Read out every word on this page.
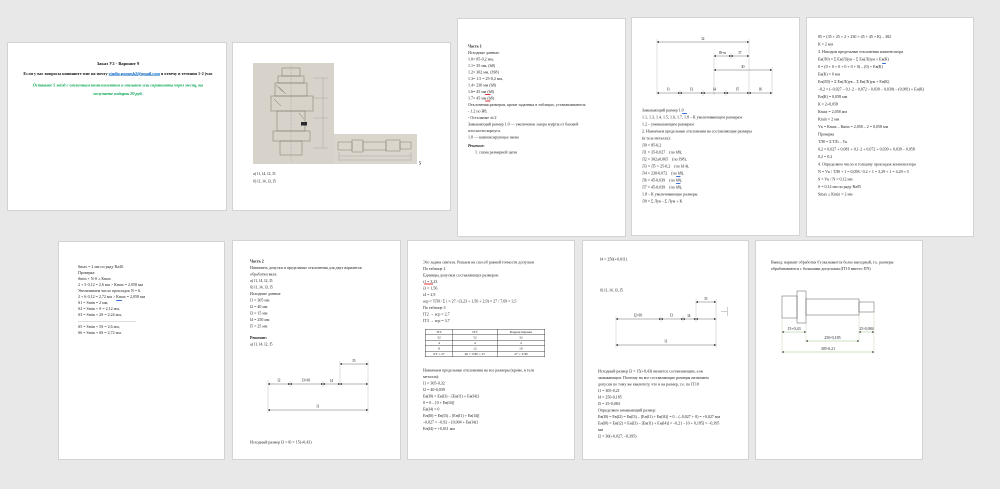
Заказ У2 - Вариант 9
Если у вас вопросы напишите мне на почту studio.pomosh2@gmail.com я отвечу в течении 1-2 (час
Оставьте 5 звёзд с отличным комплиментом и отзывом или скриншоты через месяц, вы
получаете подарок 20 руб.
5
а) l1, l4, l2, l5
б) l1, l4, l3, l5
Часть 1
Исходные данные:
1.0= 85-0,2 мм,
1.1= 35 мм, (h8)
1.2= 302 мм, (JS8)
1.3= 1.5 = 25-0,2 мм,
1.4= 230 мм (h8)
1.6= 45 мм (h8)
1.7= 45 мм (h8)
Отклонения размеров, кроме заданных в таблицах, устанавливаются:
- 1.2 по Н8,
- Остальные ±t/2
Замыкающий размер 1.0 — увеличение зазора муфты от базовой
плоскости корпуса.
1.8 — компенсирующее звено
Решение:
1. схема размерной цепи
l2
l8+к l7
l0
l1 l3 l4 l5 l6
Замыкающий размер 1.0
1.1, 1.3, 1.4, 1.5, 1.6, 1.7, 1.8 – К увеличивающим размерам
1.2 – уменьшающим размерам
2. Назначаем предельные отклонения на составляющие размеры
(в теле металла):
Л0 = 85-0,2
Л1 = 35-0,027    (по h8),
Л2 = 302±0,065    (по JS8),
Л3 = Л5 = 25-0,2    (по h14),
Л4 = 230-0,072    (по h8),
Л6 = 45-0,039    (по h8),
Л7 = 45-0,039    (по h8),
1.8 – К увеличивающие размеры
Л0 = Σ Лув – Σ Лум + К
85 = (35 + 25 + 2 + 230 + 45 + 45 + К) – 382
К = 2 мм
3. Находим предельные отклонения компенсатора
Ев(Л0) = Σ Ев(Лi)ув – Σ Ен(Лi)ум + Ев(К)
0 = (0 + 0 + 0 + 0 + 0 + 0) – (0) + Ев(К)
Ев(К) = 0 мм
Ен(Л0) = Σ Ен(Лi)ув – Σ Ев(Лi)ум + Ен(К)
–0,2 = (–0,027 – 0,1·2 – 0,072 – 0,039 – 0,039) – (0,081) + Ен(К)
Ен(К) = 0,058 мм
К = 2+0,058
Кmax = 2,058 мм
Кmin = 2 мм
Vк = Кmax – Кmin = 2,058 – 2 = 0,058 мм
Проверка
ТЛ0 = Σ ТЛi – Vк
0,2 = 0,027 + 0,081 + 0,1·2 + 0,072 + 0,039 + 0,039 – 0,058
0,2 = 0,2
4. Определяем число и толщину прокладок компенсатора
N = Vк / ТЛ0 + 1 = 0,058 / 0,2 + 1 = 3,29 + 1 = 4,29 ≈ 5
S = Vк / N = 0,12 мм
S = 0,12 мм по ряду Ra05
Smax ≤ Кmin = 2 мм
Smax = 2 мм по ряду Ra40.
Проверка:
Smin + N·S ≥ Кmax
2 + 5·0,12 = 2,6 мм > Кmax = 2,058 мм
Увеличиваем число прокладок N = 6.
2 + 6·0,12 = 2,72 мм > Кmax = 2,058 мм
S1 = Smin = 2 мм,
S2 = Smin + S = 2,12 мм,
S3 = Smin + 2S = 2,24 мм,
..........................................................
S5 = Smin + 5S = 2,6 мм,
S6 = Smin + 6S = 2,72 мм.
Часть 2
Назначить допуски и предельные отклонения для двух вариантов
обработки вала:
а) l1, l4, l2, l5
б) l1, l4, l3, l5
Исходные данные
l1 = 305 мм
l2 = 40 мм
l3 = 15 мм
l4 = 250 мм
l5 = 25 мм
Решение:
а) l1, l4, l2, l5
l5
l2	l3=l0 l4
l1
Исходный размер l3 = l0 = 15(+0,43)
Это задача синтеза. Решаем на способ равной точности допусков
По таблице 2
Единицы допусков составляющих размеров:
i1 = 3,23
i3 = 1,56
i4 = 2,9
аср = ТЛ0 / Σ i = 27 / (3,23 + 1,56 + 2,9) = 27 / 7,69 = 3,5
По таблице 3
IT2 → аср = 2,7
IT3 → аср = 3,7
ІТ2	ІТ3	Корректировка
32	52	32
4	4	4
8	12	10
ΣТ = 27	40 > ТЛ0 = 27	27 = ТЛ0
Назначаем предельные отклонения на все размеры (кроме, в теле
металла):
l1 = 305-0,32
l2 = 40-0,039
Ев(l0) = Ев(l3) – [Ев(l1) + Ев(l4)]
0 = 0 – [0 + Ев(l4)]
Ев(l4) = 0
Ен(l0) = Ен(l3) – [Ен(l1) + Ев(l4)]
–0,027 = –0,92 – [0,004 + Ен(l4)]
Ен(l4) = +0,011 мм
l4 = 250(+0,011)
б) l1, l4, l3, l5
l5
l2=l0	l3 l4
l1
Исходный размер l3 = 15(+0,43) является составляющим, а не
замыкающим. Поэтому на все составляющие размеры назначаем
допуски по тому же квалитету, что и на размер, т.е. по IT10
l1 = 305-0,21
l4 = 250-0,185
l5 = 25-0,084
Определяем замыкающий размер:
Ев(l0) = Ев(l2) = Ев(l3) – [Ен(l1) + Ев(l4)] = 0 – (–0,027 + 0) = +0,027 мм
Ен(l0) = Ен(l2) = Ен(l3) – [Ев(l1) + Ен(l4)] = –0,21 – [0 + 0,185] = –0,395
мм
l2 = 30(+0,027; –0,395)
Вывод: вариант обработки б) оказывается более выгодный, т.е. размеры
обрабатываются с большими допусками (IT10 вместо IT9)
15+0,43	25-0,084
250-0,185
305-0,21
